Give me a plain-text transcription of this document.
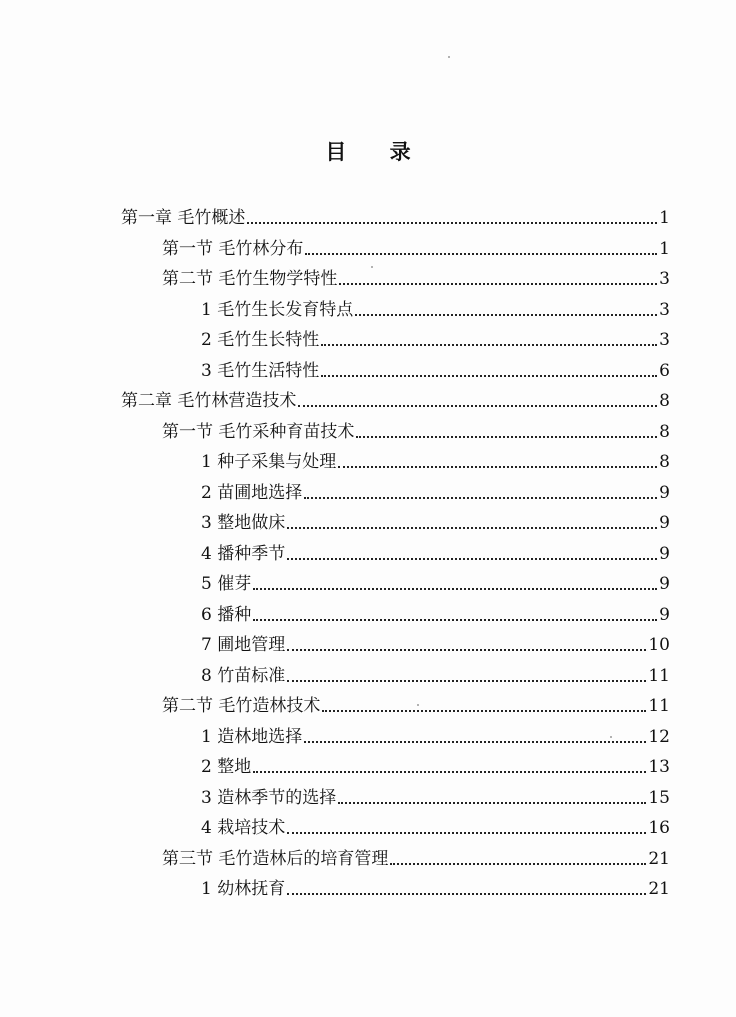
目 录
第一章 毛竹概述	1
第一节 毛竹林分布	1
第二节 毛竹生物学特性	3
1 毛竹生长发育特点	3
2 毛竹生长特性	3
3 毛竹生活特性	6
第二章 毛竹林营造技术	8
第一节 毛竹采种育苗技术	8
1 种子采集与处理	8
2 苗圃地选择	9
3 整地做床	9
4 播种季节	9
5 催芽	9
6 播种	9
7 圃地管理	10
8 竹苗标准	11
第二节 毛竹造林技术	11
1 造林地选择	12
2 整地	13
3 造林季节的选择	15
4 栽培技术	16
第三节 毛竹造林后的培育管理	21
1 幼林抚育	21
